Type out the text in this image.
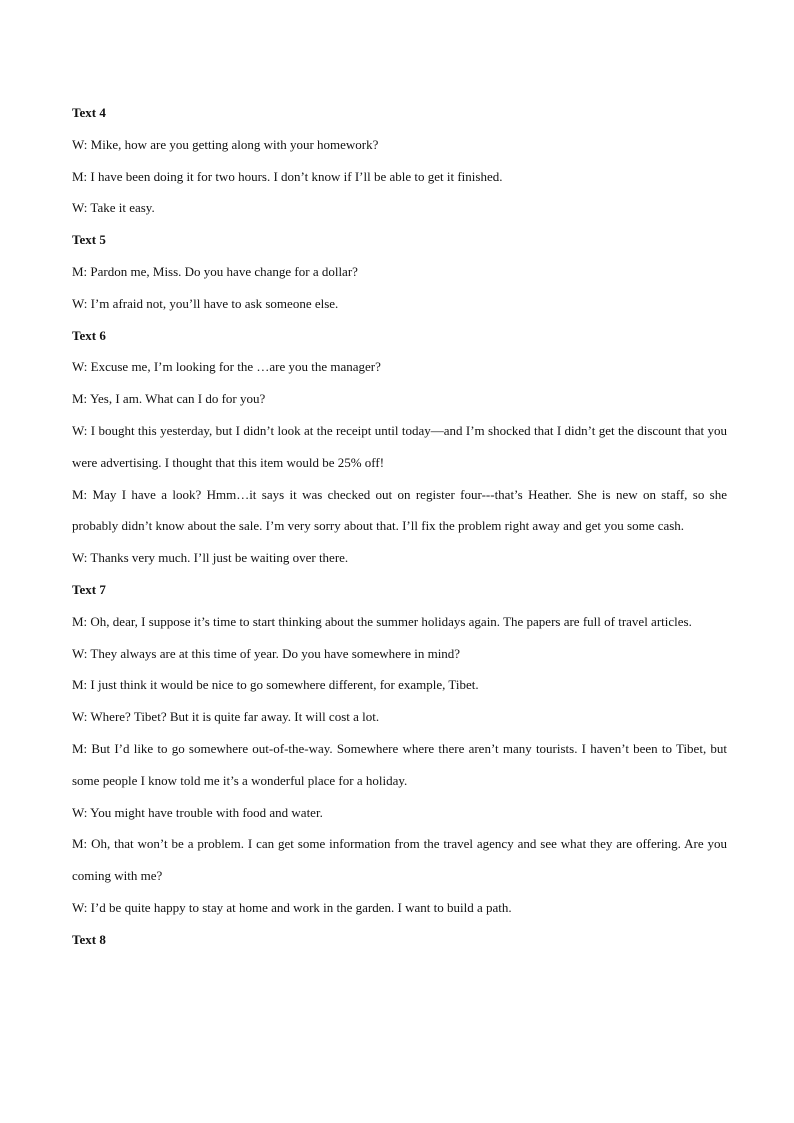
Text 4
W: Mike, how are you getting along with your homework?
M: I have been doing it for two hours. I don’t know if I’ll be able to get it finished.
W: Take it easy.
Text 5
M: Pardon me, Miss. Do you have change for a dollar?
W: I’m afraid not, you’ll have to ask someone else.
Text 6
W: Excuse me, I’m looking for the …are you the manager?
M: Yes, I am. What can I do for you?
W: I bought this yesterday, but I didn’t look at the receipt until today—and I’m shocked that I didn’t get the discount that you were advertising. I thought that this item would be 25% off!
M: May I have a look? Hmm…it says it was checked out on register four---that’s Heather. She is new on staff, so she probably didn’t know about the sale. I’m very sorry about that. I’ll fix the problem right away and get you some cash.
W: Thanks very much. I’ll just be waiting over there.
Text 7
M: Oh, dear, I suppose it’s time to start thinking about the summer holidays again. The papers are full of travel articles.
W: They always are at this time of year. Do you have somewhere in mind?
M: I just think it would be nice to go somewhere different, for example, Tibet.
W: Where? Tibet? But it is quite far away. It will cost a lot.
M: But I’d like to go somewhere out-of-the-way. Somewhere where there aren’t many tourists. I haven’t been to Tibet, but some people I know told me it’s a wonderful place for a holiday.
W: You might have trouble with food and water.
M: Oh, that won’t be a problem. I can get some information from the travel agency and see what they are offering. Are you coming with me?
W: I’d be quite happy to stay at home and work in the garden. I want to build a path.
Text 8
